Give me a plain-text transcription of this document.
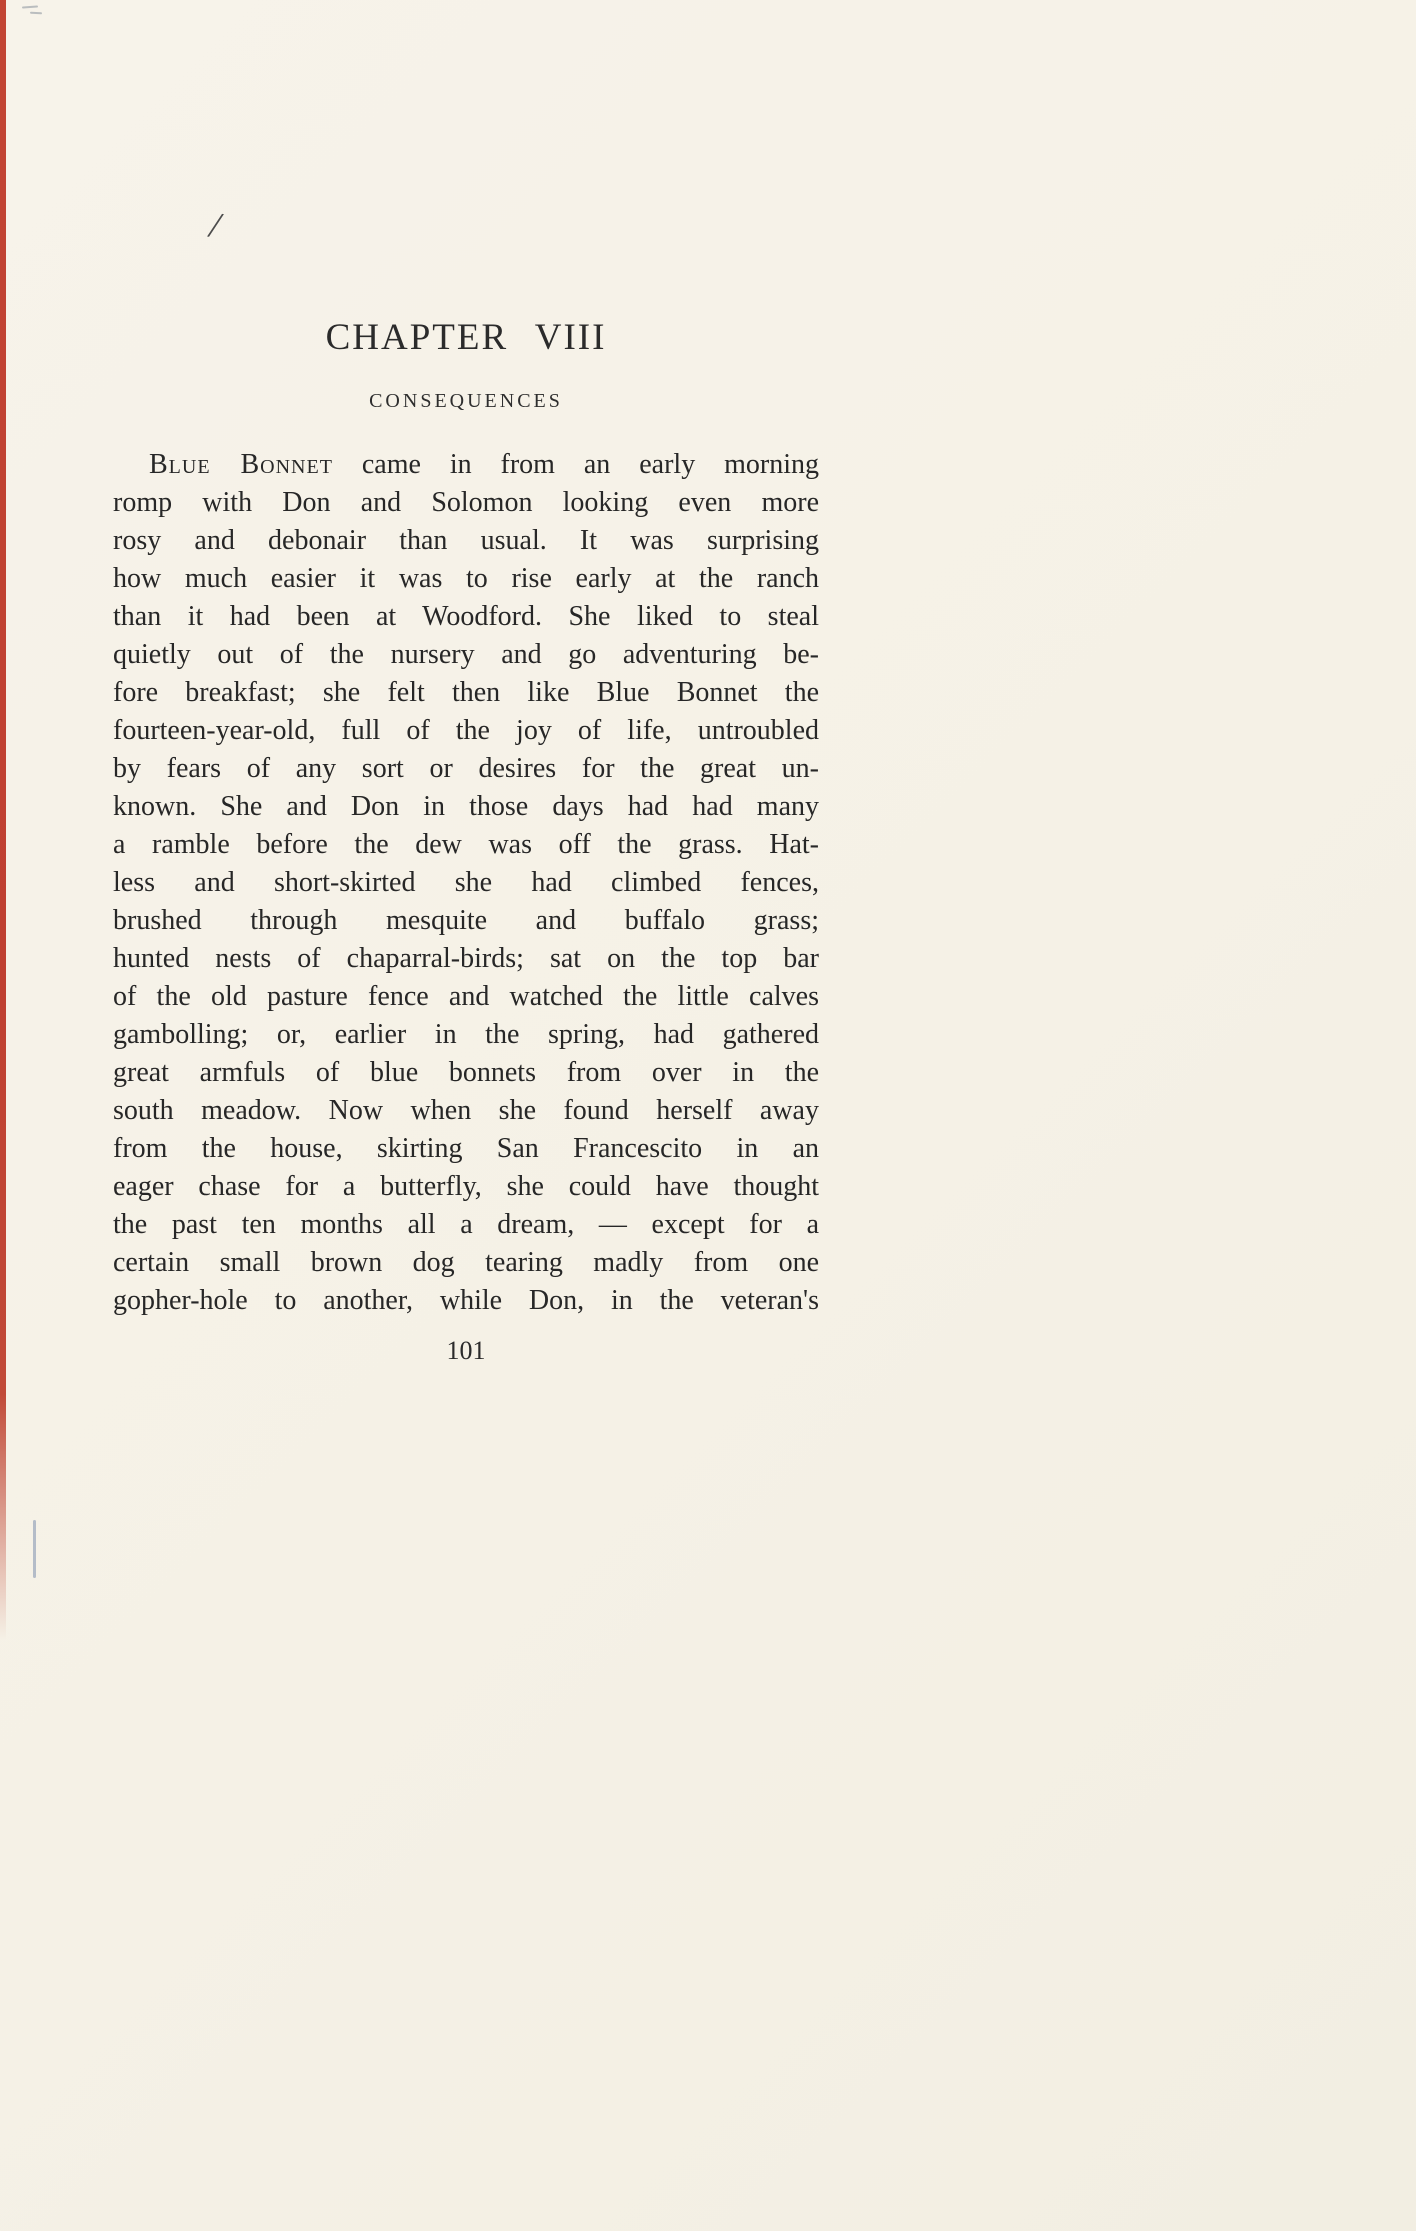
/
CHAPTER VIII
CONSEQUENCES
Blue Bonnet came in from an early morning
romp with Don and Solomon looking even more
rosy and debonair than usual. It was surprising
how much easier it was to rise early at the ranch
than it had been at Woodford. She liked to steal
quietly out of the nursery and go adventuring be-
fore breakfast; she felt then like Blue Bonnet the
fourteen-year-old, full of the joy of life, untroubled
by fears of any sort or desires for the great un-
known. She and Don in those days had had many
a ramble before the dew was off the grass. Hat-
less and short-skirted she had climbed fences,
brushed through mesquite and buffalo grass;
hunted nests of chaparral-birds; sat on the top bar
of the old pasture fence and watched the little calves
gambolling; or, earlier in the spring, had gathered
great armfuls of blue bonnets from over in the
south meadow. Now when she found herself away
from the house, skirting San Francescito in an
eager chase for a butterfly, she could have thought
the past ten months all a dream, — except for a
certain small brown dog tearing madly from one
gopher-hole to another, while Don, in the veteran's
101
